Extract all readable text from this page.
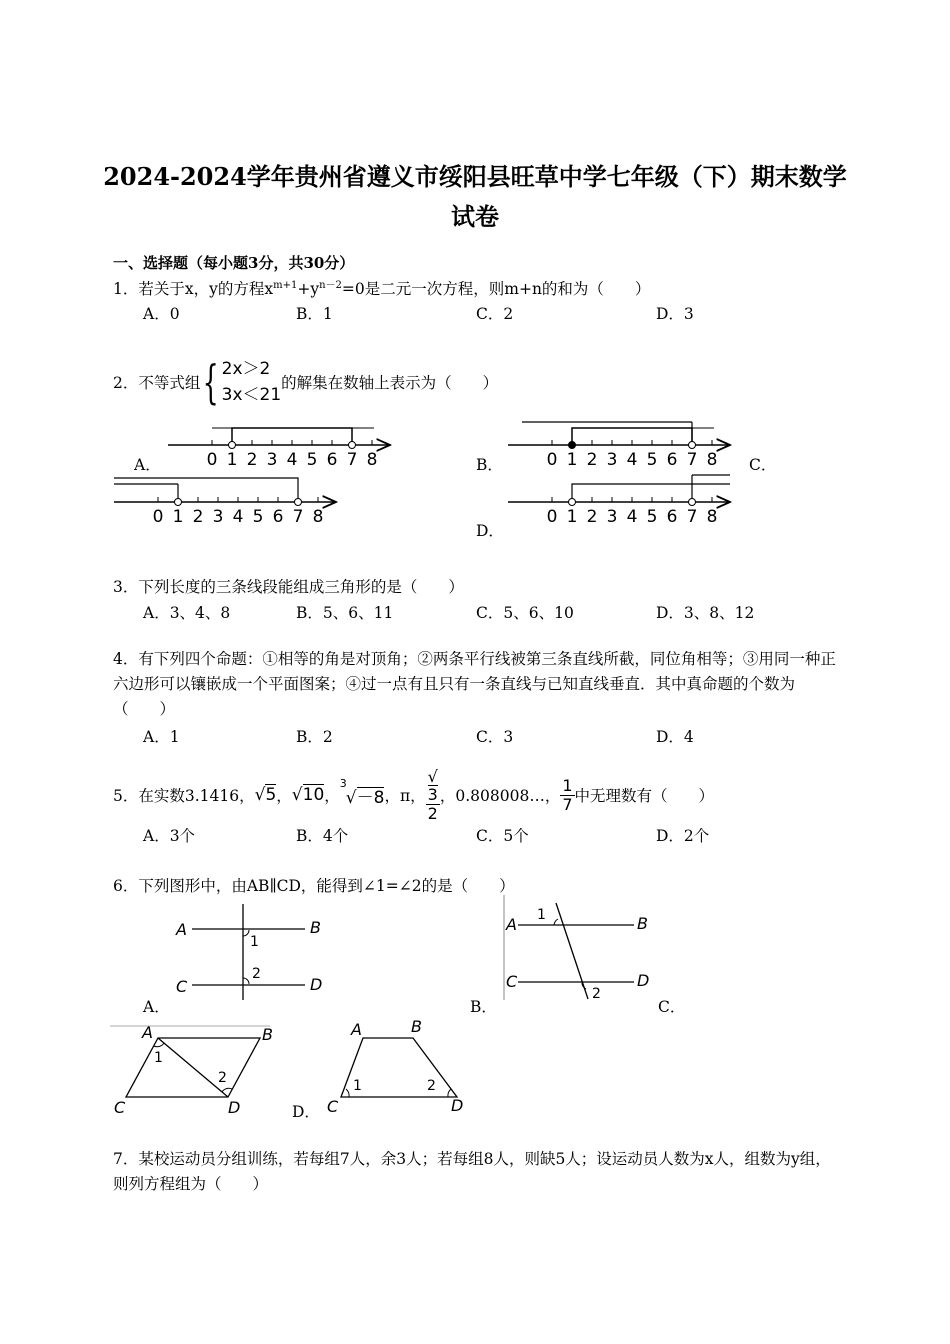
2024-2024学年贵州省遵义市绥阳县旺草中学七年级（下）期末数学
试卷
一、选择题（每小题3分，共30分）
1．若关于x，y的方程$x^{m+1}+y^{n-2}=0$是二元一次方程，则m+n的和为（　　）
A．0	B．1	C．2	D．3
2．不等式组{ 2x＞2
3x＜21
的解集在数轴上表示为（　　）
0 1 2 3 4 5 6 7 8	0 1 2 3 4 5 6 7 8
0 1 2 3 4 5 6 7 8	0 1 2 3 4 5 6 7 8
A．	B．	C．
D．
3．下列长度的三条线段能组成三角形的是（　　）
A．3、4、8	B．5、6、11	C．5、6、10	D．3、8、12
4．有下列四个命题：①相等的角是对顶角；②两条平行线被第三条直线所截，同位角相等；③用同一种正六边形可以镶嵌成一个平面图案；④过一点有且只有一条直线与已知直线垂直．其中真命题的个数为（　　）
A．1	B．2	C．3	D．4
5．在实数3.1416， √5 ， √10 ，
3
√－8 ， π， √
3
2 ， 0.808008…， $\frac{1}{7}$ 中无理数有（　　）
A．3个	B．4个	C．5个	D．2个
6．下列图形中，由AB∥CD，能得到∠1=∠2的是（　　）
A	B
C	D
1
2
A．
A	B
C	D
1
2
B．	C．
A	B
C	D
1
2
A	B
C	D
1	2
D．
7．某校运动员分组训练，若每组7人，余3人；若每组8人，则缺5人；设运动员人数为x人，组数为y组，则列方程组为（　　）
